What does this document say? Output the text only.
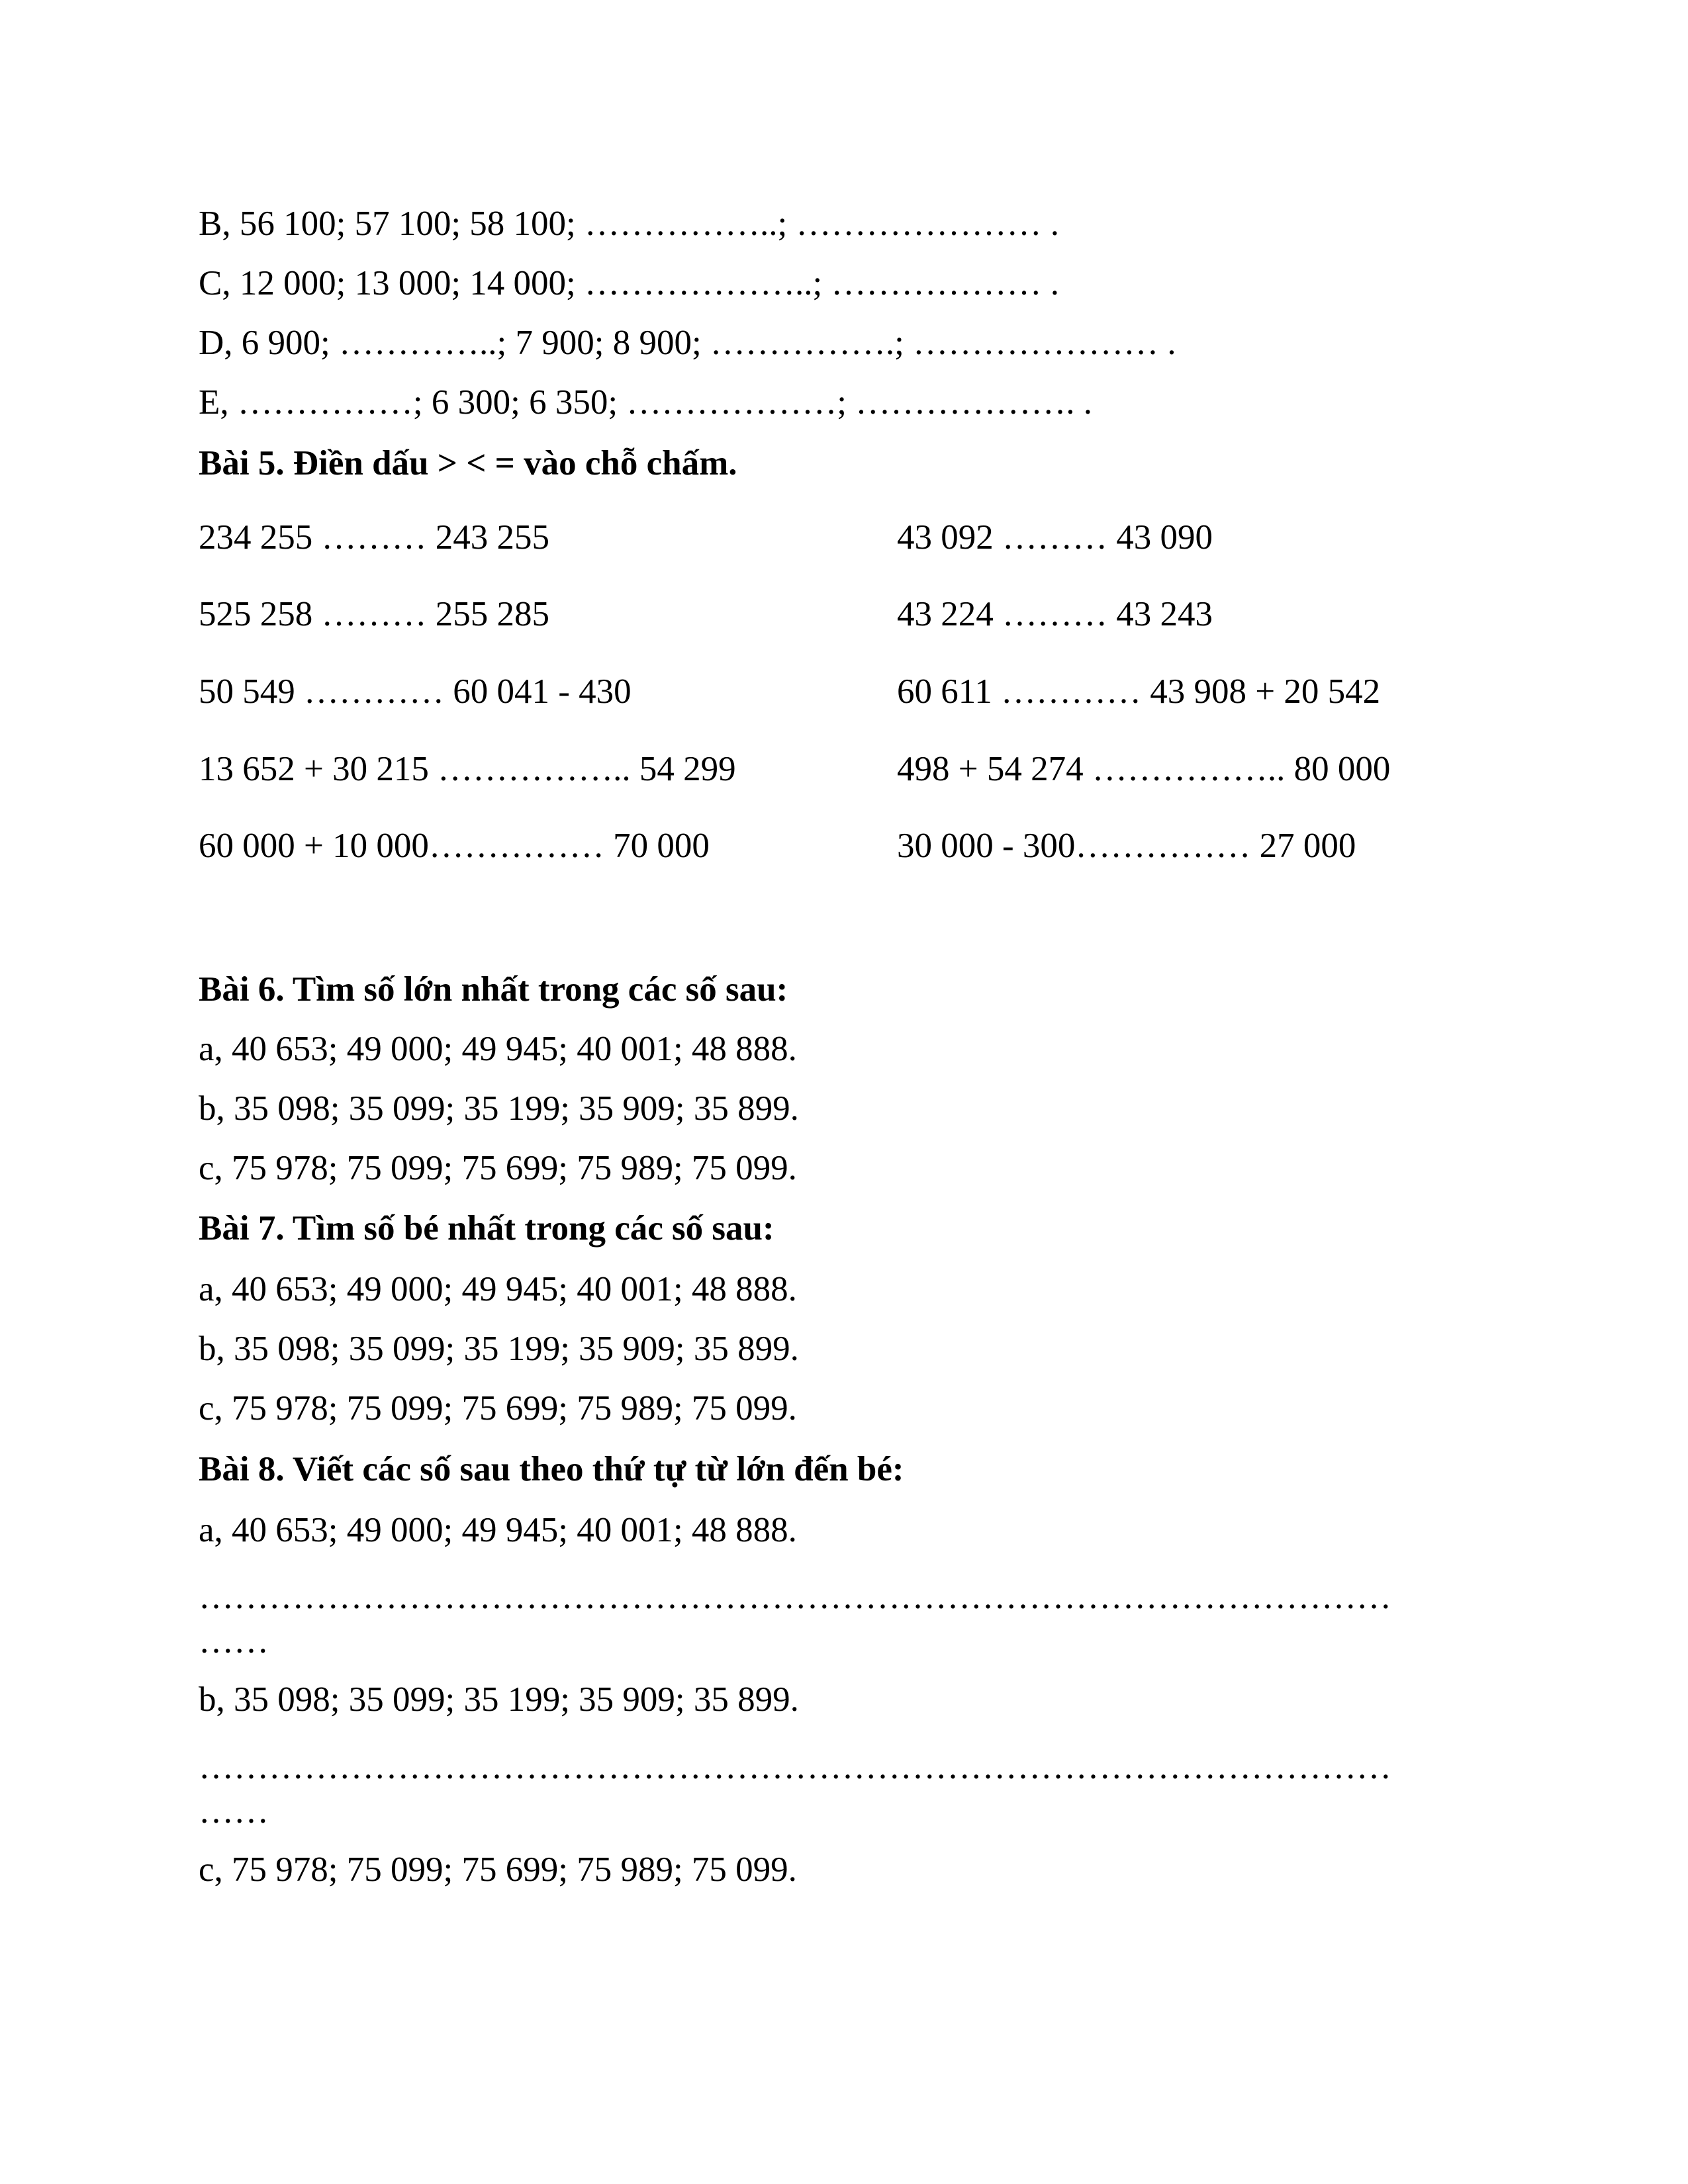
B, 56 100; 57 100; 58 100; ……………..; ………………… .
C, 12 000; 13 000; 14 000; ………………..; ……………… .
D, 6 900; …………..; 7 900; 8 900; …………….; ………………… .
E, ……………; 6 300; 6 350; ………………; ………………. .
Bài 5. Điền dấu > < = vào chỗ chấm.
234 255 ……… 243 255	43 092 ……… 43 090
525 258 ……… 255 285	43 224 ……… 43 243
50 549 ………… 60 041 - 430	60 611 ………… 43 908 + 20 542
13 652 + 30 215 …………….. 54 299	498 + 54 274 …………….. 80 000
60 000 + 10 000…………… 70 000	30 000 - 300…………… 27 000
Bài 6. Tìm số lớn nhất trong các số sau:
a, 40 653; 49 000; 49 945; 40 001; 48 888.
b, 35 098; 35 099; 35 199; 35 909; 35 899.
c, 75 978; 75 099; 75 699; 75 989; 75 099.
Bài 7. Tìm số bé nhất trong các số sau:
a, 40 653; 49 000; 49 945; 40 001; 48 888.
b, 35 098; 35 099; 35 199; 35 909; 35 899.
c, 75 978; 75 099; 75 699; 75 989; 75 099.
Bài 8. Viết các số sau theo thứ tự từ lớn đến bé:
a, 40 653; 49 000; 49 945; 40 001; 48 888.
…………………………………………………………………………………………
……
b, 35 098; 35 099; 35 199; 35 909; 35 899.
…………………………………………………………………………………………
……
c, 75 978; 75 099; 75 699; 75 989; 75 099.
